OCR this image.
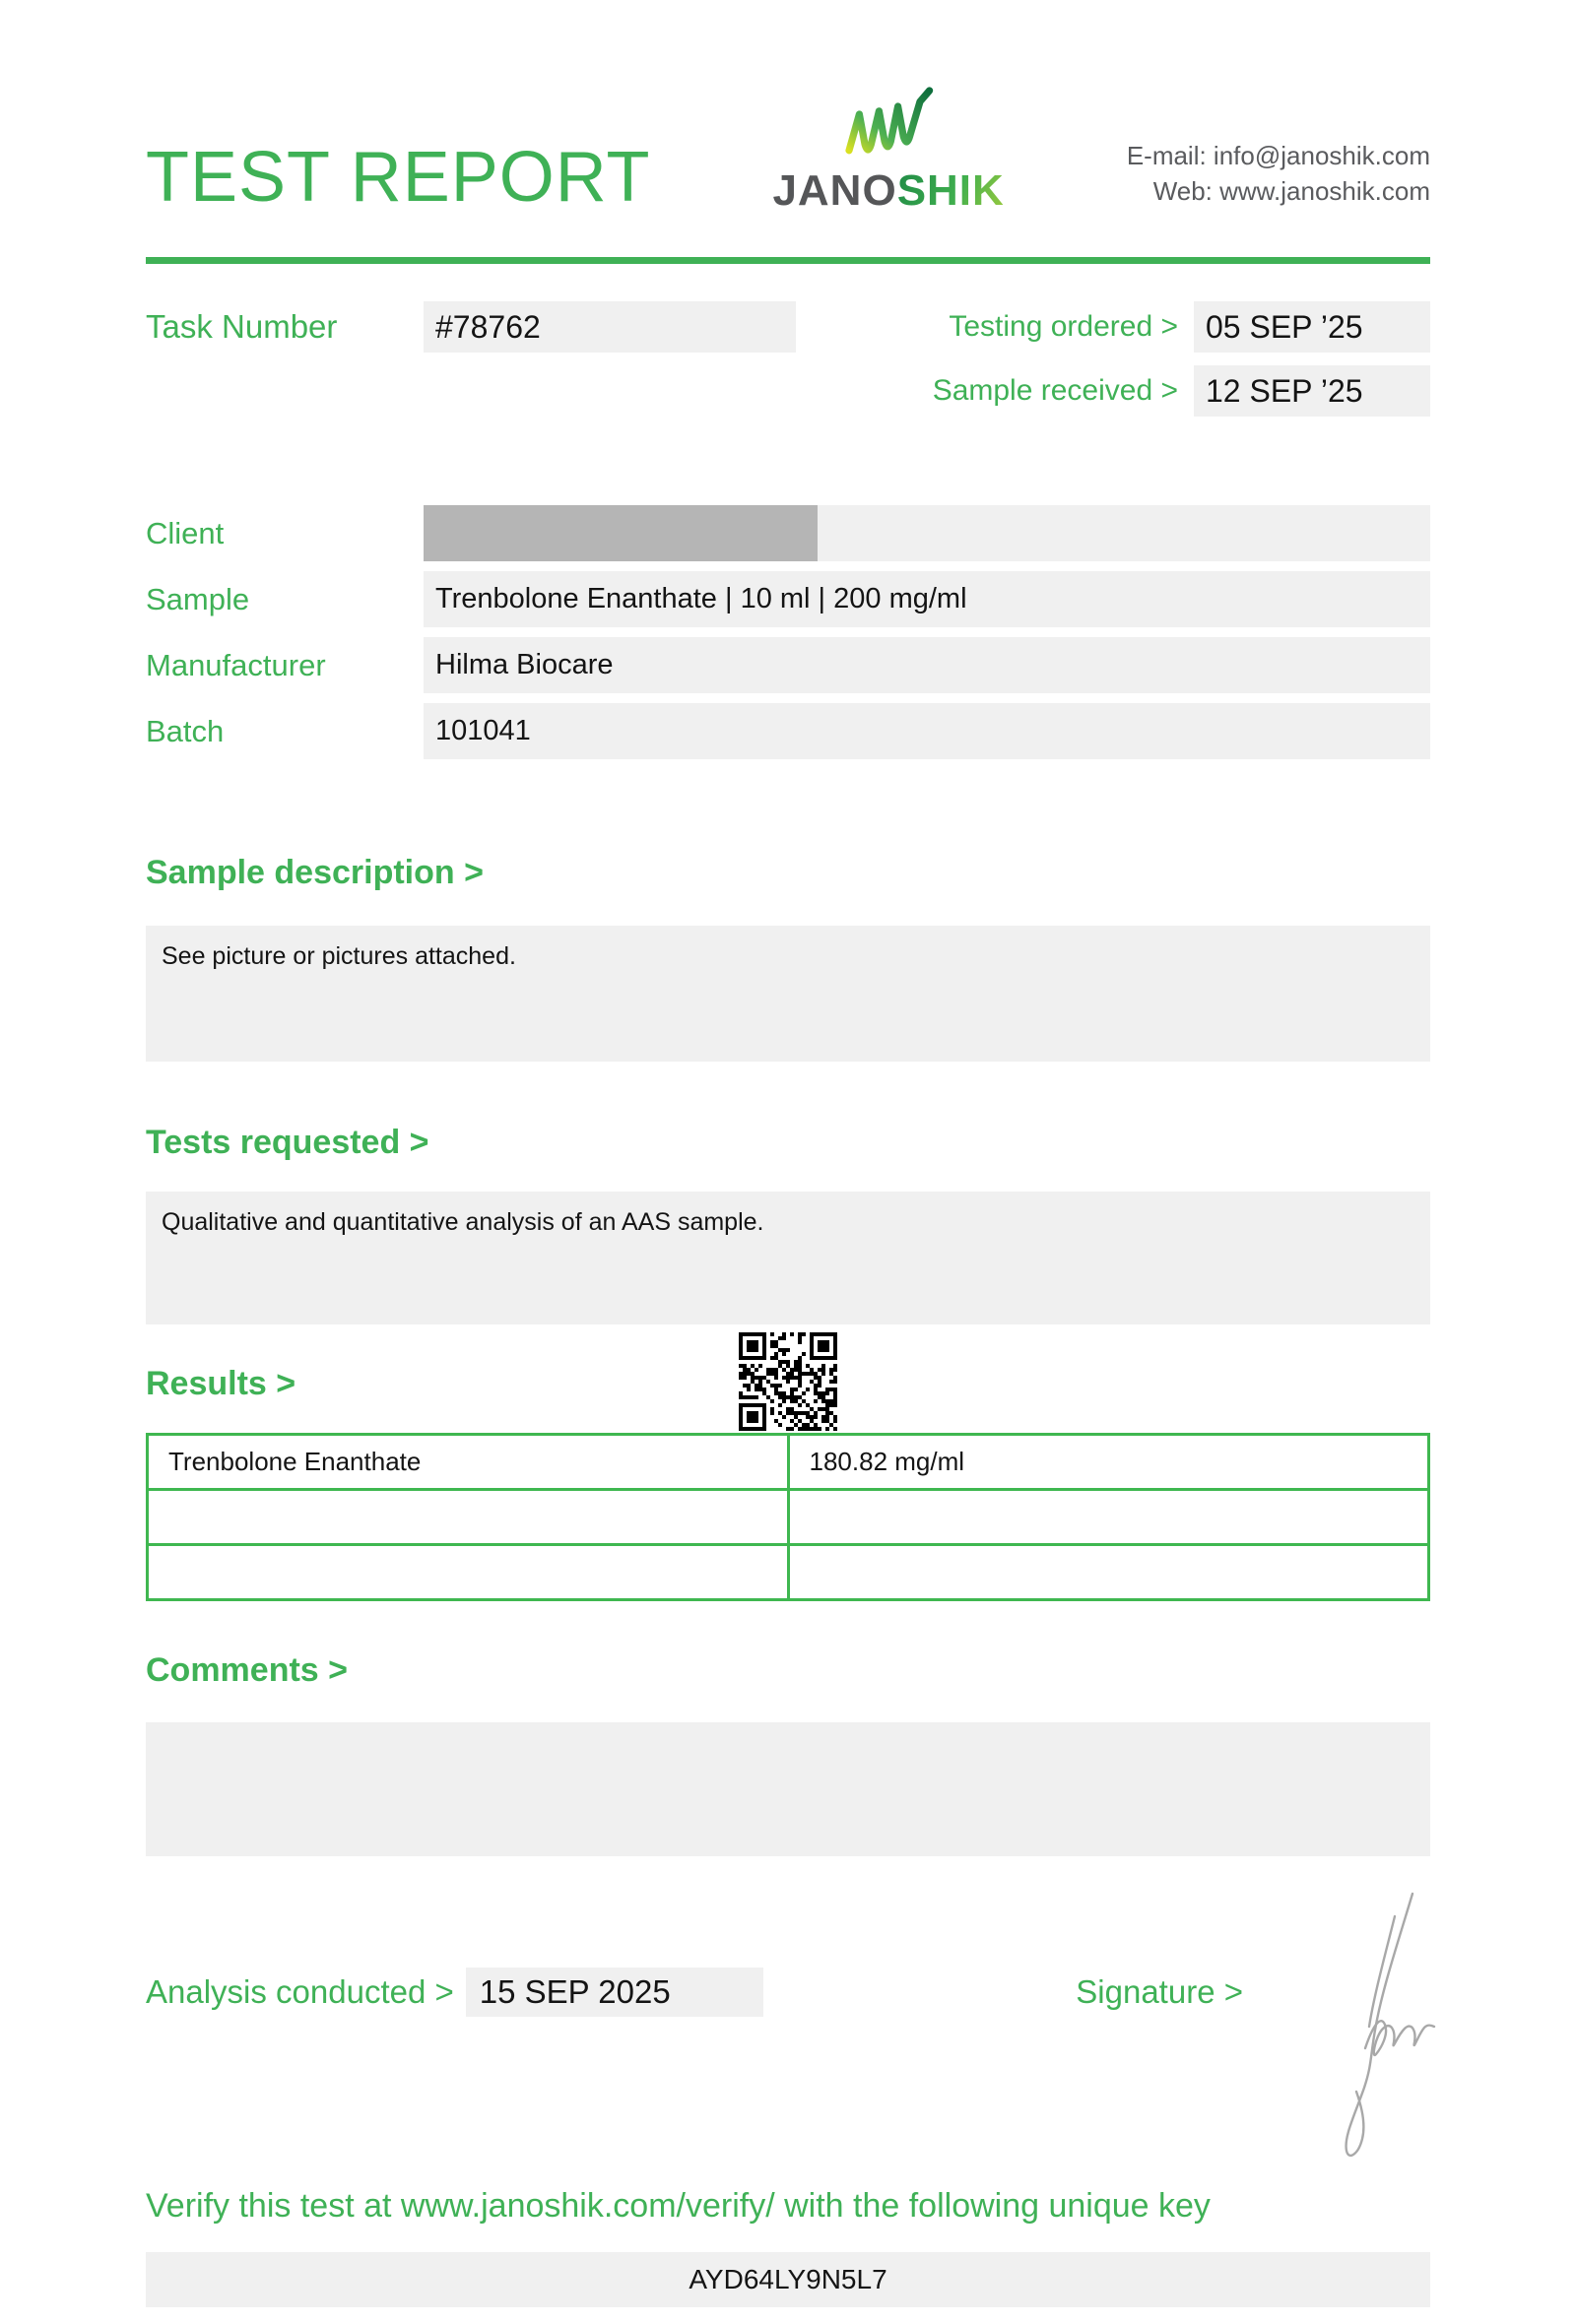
TEST REPORT	JANOSHIK
E-mail: info@janoshik.com
Web: www.janoshik.com
Task Number	#78762	Testing ordered > 05 SEP ’25
Sample received > 12 SEP ’25
Client
Sample	Trenbolone Enanthate | 10 ml | 200 mg/ml
Manufacturer	Hilma Biocare
Batch	101041
Sample description >
See picture or pictures attached.
Tests requested >
Qualitative and quantitative analysis of an AAS sample.
Results >
Trenbolone Enanthate	180.82 mg/ml

Comments >
Analysis conducted > 15 SEP 2025	Signature >
Verify this test at www.janoshik.com/verify/ with the following unique key
AYD64LY9N5L7
